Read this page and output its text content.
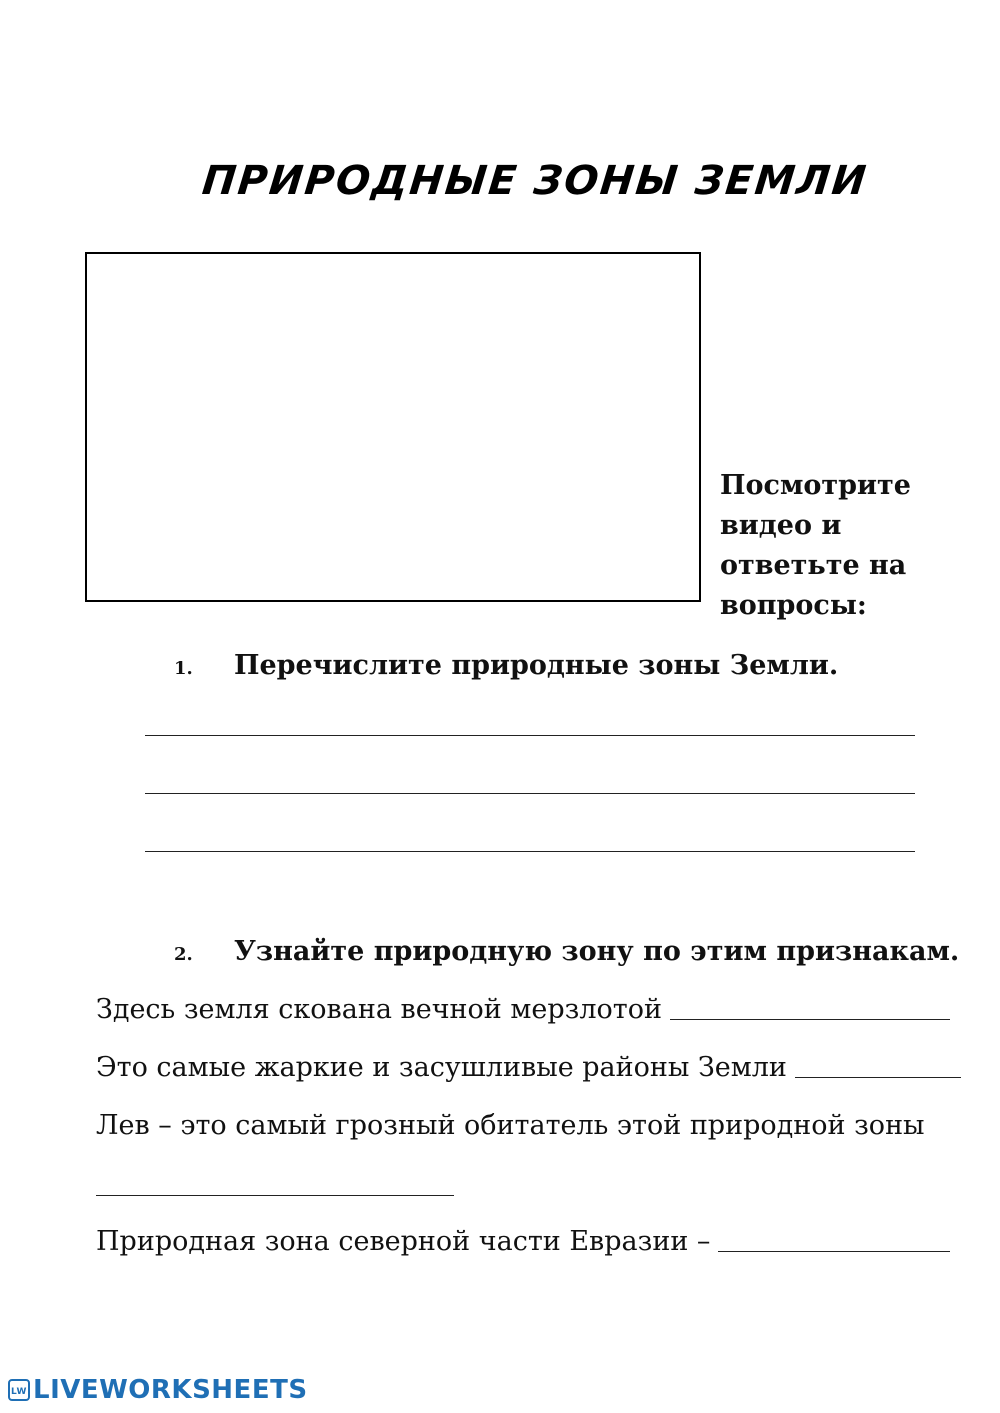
ПРИРОДНЫЕ ЗОНЫ ЗЕМЛИ
Посмотрите видео и ответьте на вопросы:
1.	Перечислите природные зоны Земли.
2.	Узнайте природную зону по этим признакам.
Здесь земля скована вечной мерзлотой
Это самые жаркие и засушливые районы Земли
Лев – это самый грозный обитатель этой природной зоны
Природная зона северной части Евразии –
LW LIVEWORKSHEETS
